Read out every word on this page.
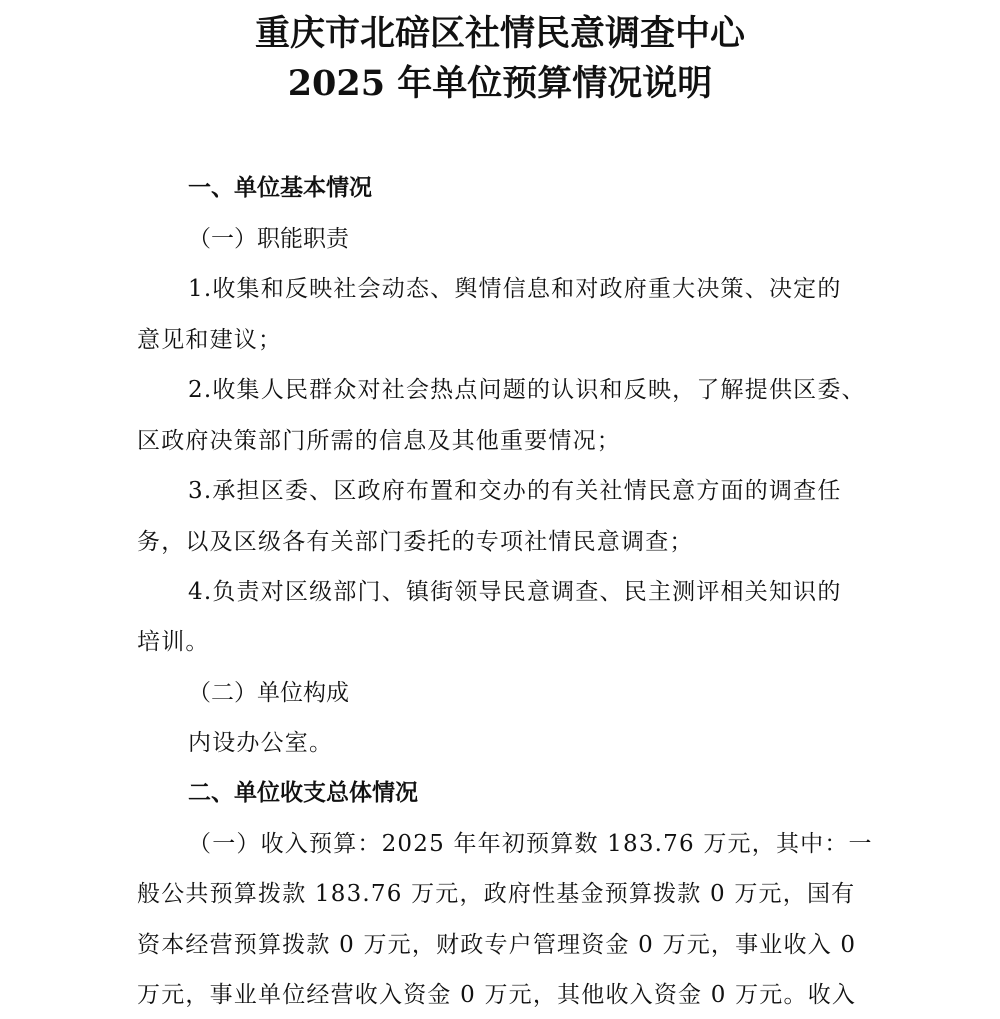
重庆市北碚区社情民意调查中心
2025 年单位预算情况说明
一、单位基本情况
（一）职能职责
1.收集和反映社会动态、舆情信息和对政府重大决策、决定的
意见和建议；
2.收集人民群众对社会热点问题的认识和反映，了解提供区委、
区政府决策部门所需的信息及其他重要情况；
3.承担区委、区政府布置和交办的有关社情民意方面的调查任
务，以及区级各有关部门委托的专项社情民意调查；
4.负责对区级部门、镇街领导民意调查、民主测评相关知识的
培训。
（二）单位构成
内设办公室。
二、单位收支总体情况
（一）收入预算：2025 年年初预算数 183.76 万元，其中：一
般公共预算拨款 183.76 万元，政府性基金预算拨款 0 万元，国有
资本经营预算拨款 0 万元，财政专户管理资金 0 万元，事业收入 0
万元，事业单位经营收入资金 0 万元，其他收入资金 0 万元。收入
